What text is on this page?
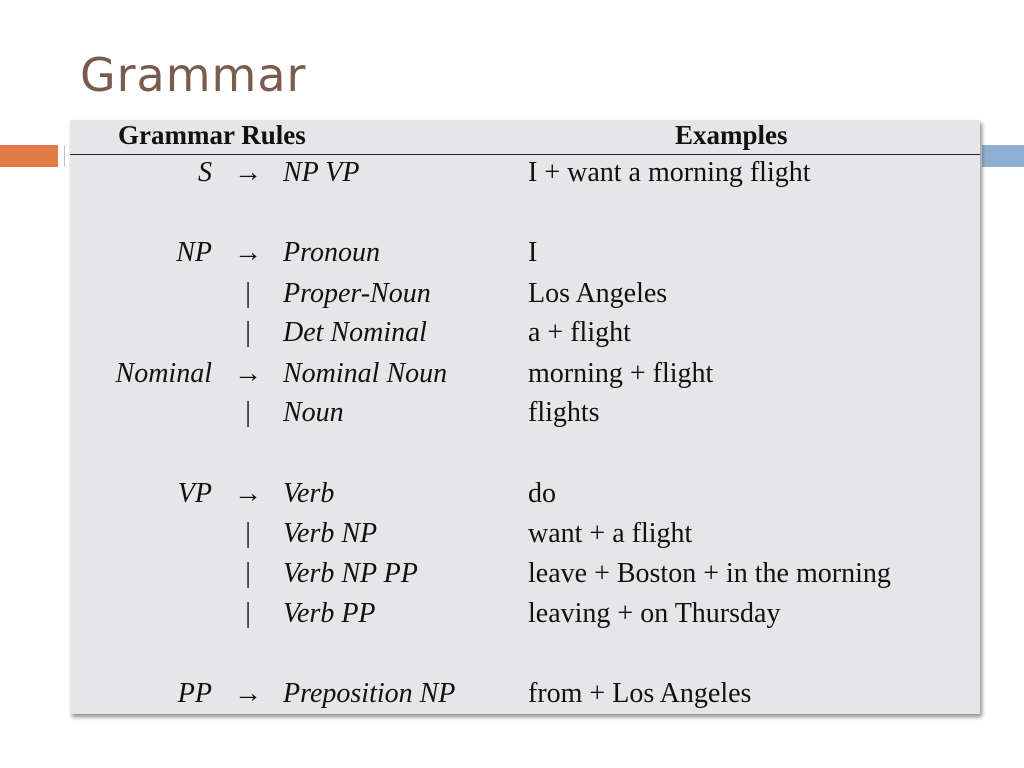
Grammar
Grammar Rules	Examples
S → NP VP	I + want a morning flight
NP → Pronoun	I
|	Proper-Noun	Los Angeles
|	Det Nominal	a + flight
Nominal → Nominal Noun	morning + flight
|	Noun	flights
VP → Verb	do
|	Verb NP	want + a flight
|	Verb NP PP	leave + Boston + in the morning
|	Verb PP	leaving + on Thursday
PP → Preposition NP	from + Los Angeles
